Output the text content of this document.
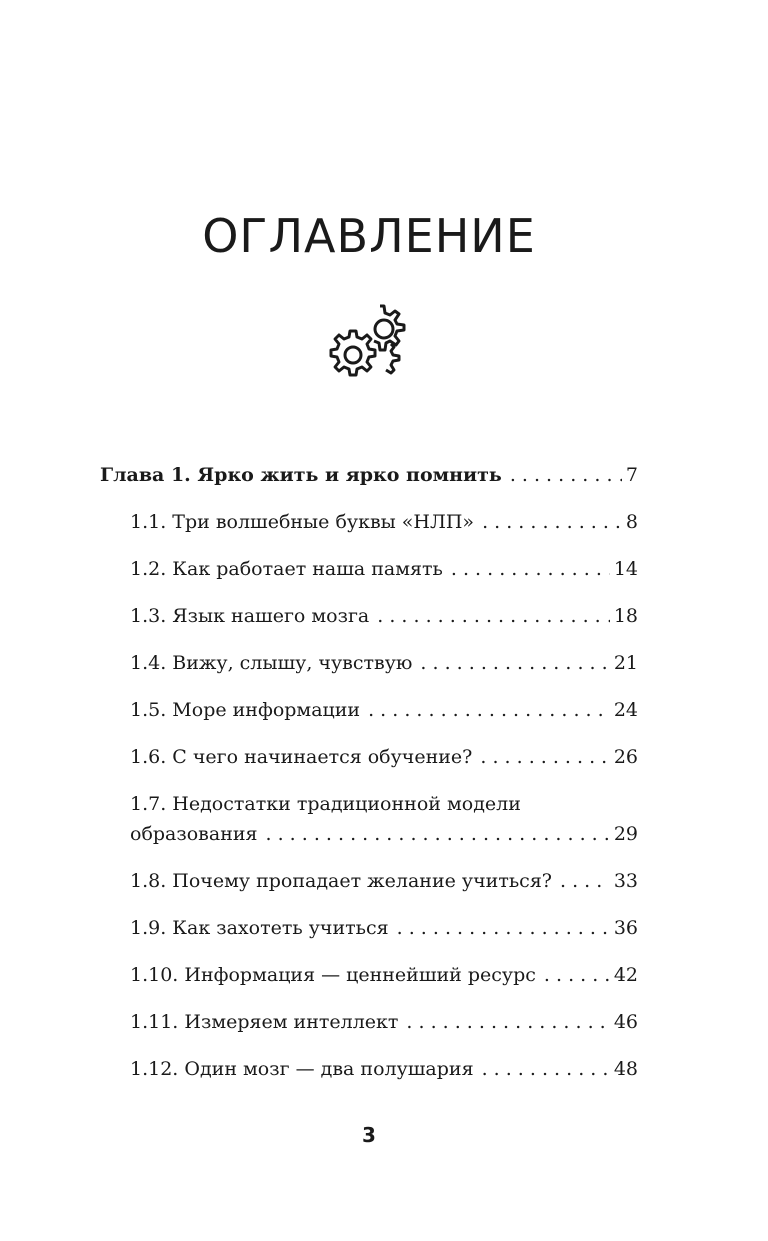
ОГЛАВЛЕНИЕ
Глава 1. Ярко жить и ярко помнить . . .	7
1.1. Три волшебные буквы «НЛП» . . .	8
1.2. Как работает наша память . . .	14
1.3. Язык нашего мозга . . .	18
1.4. Вижу, слышу, чувствую . . .	21
1.5. Море информации . . .	24
1.6. С чего начинается обучение? . . .	26
1.7. Недостатки традиционной модели
образования . . .	29
1.8. Почему пропадает желание учиться? . . .	33
1.9. Как захотеть учиться . . .	36
1.10. Информация — ценнейший ресурс . . .	42
1.11. Измеряем интеллект . . .	46
1.12. Один мозг — два полушария . . .	48
3
